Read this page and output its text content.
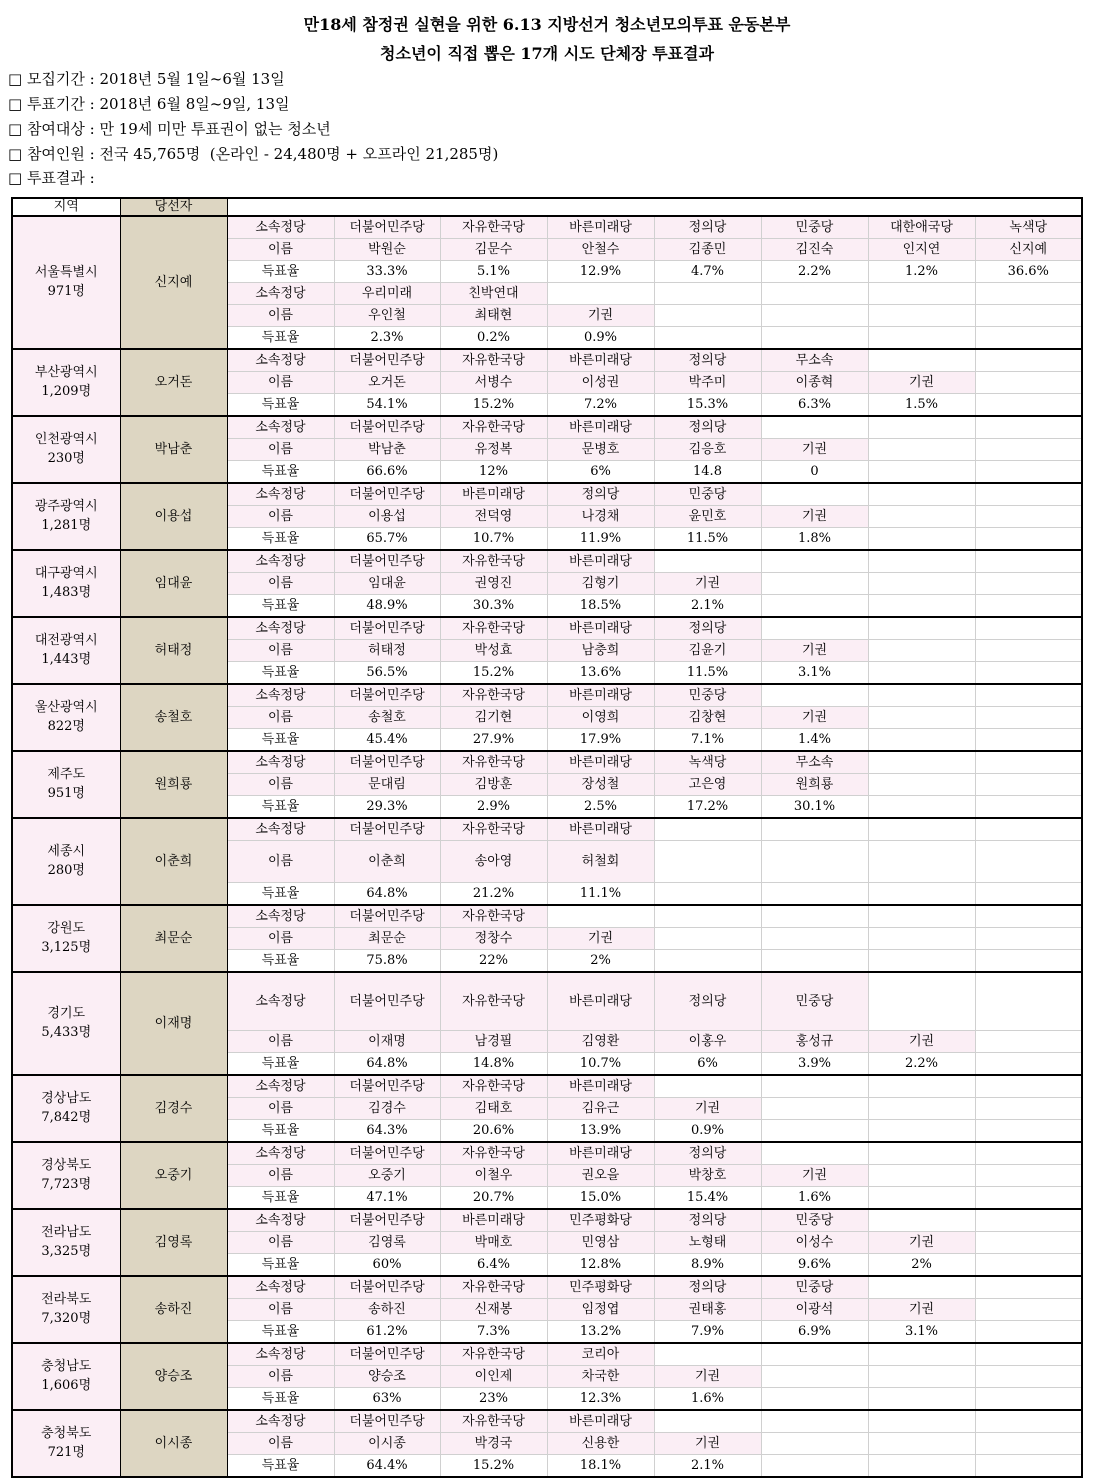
만18세 참정권 실현을 위한 6.13 지방선거 청소년모의투표 운동본부
청소년이 직접 뽑은 17개 시도 단체장 투표결과
□ 모집기간 : 2018년 5월 1일~6월 13일
□ 투표기간 : 2018년 6월 8일~9일, 13일
□ 참여대상 : 만 19세 미만 투표권이 없는 청소년
□ 참여인원 : 전국 45,765명  (온라인 - 24,480명 + 오프라인 21,285명)
□ 투표결과 :
지역	당선자								

서울특별시
971명	신지예	소속정당	더불어민주당	자유한국당	바른미래당	정의당	민중당	대한애국당	녹색당
		이름	박원순	김문수	안철수	김종민	김진숙	인지연	신지예
		득표율	33.3%	5.1%	12.9%	4.7%	2.2%	1.2%	36.6%
		소속정당	우리미래	친박연대					
		이름	우인철	최태현	기권				
		득표율	2.3%	0.2%	0.9%				

부산광역시
1,209명	오거돈	소속정당	더불어민주당	자유한국당	바른미래당	정의당	무소속		
		이름	오거돈	서병수	이성권	박주미	이종혁	기권	
		득표율	54.1%	15.2%	7.2%	15.3%	6.3%	1.5%	

인천광역시
230명	박남춘	소속정당	더불어민주당	자유한국당	바른미래당	정의당			
		이름	박남춘	유정복	문병호	김응호	기권		
		득표율	66.6%	12%	6%	14.8	0		

광주광역시
1,281명	이용섭	소속정당	더불어민주당	바른미래당	정의당	민중당			
		이름	이용섭	전덕영	나경채	윤민호	기권		
		득표율	65.7%	10.7%	11.9%	11.5%	1.8%		

대구광역시
1,483명	임대윤	소속정당	더불어민주당	자유한국당	바른미래당				
		이름	임대윤	권영진	김형기	기권			
		득표율	48.9%	30.3%	18.5%	2.1%			

대전광역시
1,443명	허태정	소속정당	더불어민주당	자유한국당	바른미래당	정의당			
		이름	허태정	박성효	남충희	김윤기	기권		
		득표율	56.5%	15.2%	13.6%	11.5%	3.1%		

울산광역시
822명	송철호	소속정당	더불어민주당	자유한국당	바른미래당	민중당			
		이름	송철호	김기현	이영희	김창현	기권		
		득표율	45.4%	27.9%	17.9%	7.1%	1.4%		

제주도
951명	원희룡	소속정당	더불어민주당	자유한국당	바른미래당	녹색당	무소속		
		이름	문대림	김방훈	장성철	고은영	원희룡		
		득표율	29.3%	2.9%	2.5%	17.2%	30.1%		

세종시
280명	이춘희	소속정당	더불어민주당	자유한국당	바른미래당				
		이름	이춘희	송아영	허철회				
		득표율	64.8%	21.2%	11.1%				

강원도
3,125명	최문순	소속정당	더불어민주당	자유한국당					
		이름	최문순	정창수	기권				
		득표율	75.8%	22%	2%				

경기도
5,433명	이재명	소속정당	더불어민주당	자유한국당	바른미래당	정의당	민중당		
		이름	이재명	남경필	김영환	이홍우	홍성규	기권	
		득표율	64.8%	14.8%	10.7%	6%	3.9%	2.2%	

경상남도
7,842명	김경수	소속정당	더불어민주당	자유한국당	바른미래당				
		이름	김경수	김태호	김유근	기권			
		득표율	64.3%	20.6%	13.9%	0.9%			

경상북도
7,723명	오중기	소속정당	더불어민주당	자유한국당	바른미래당	정의당			
		이름	오중기	이철우	권오을	박창호	기권		
		득표율	47.1%	20.7%	15.0%	15.4%	1.6%		

전라남도
3,325명	김영록	소속정당	더불어민주당	바른미래당	민주평화당	정의당	민중당		
		이름	김영록	박매호	민영삼	노형태	이성수	기권	
		득표율	60%	6.4%	12.8%	8.9%	9.6%	2%	

전라북도
7,320명	송하진	소속정당	더불어민주당	자유한국당	민주평화당	정의당	민중당		
		이름	송하진	신재봉	임정엽	권태홍	이광석	기권	
		득표율	61.2%	7.3%	13.2%	7.9%	6.9%	3.1%	

충청남도
1,606명	양승조	소속정당	더불어민주당	자유한국당	코리아				
		이름	양승조	이인제	차국한	기권			
		득표율	63%	23%	12.3%	1.6%			

충청북도
721명	이시종	소속정당	더불어민주당	자유한국당	바른미래당				
		이름	이시종	박경국	신용한	기권			
		득표율	64.4%	15.2%	18.1%	2.1%			
